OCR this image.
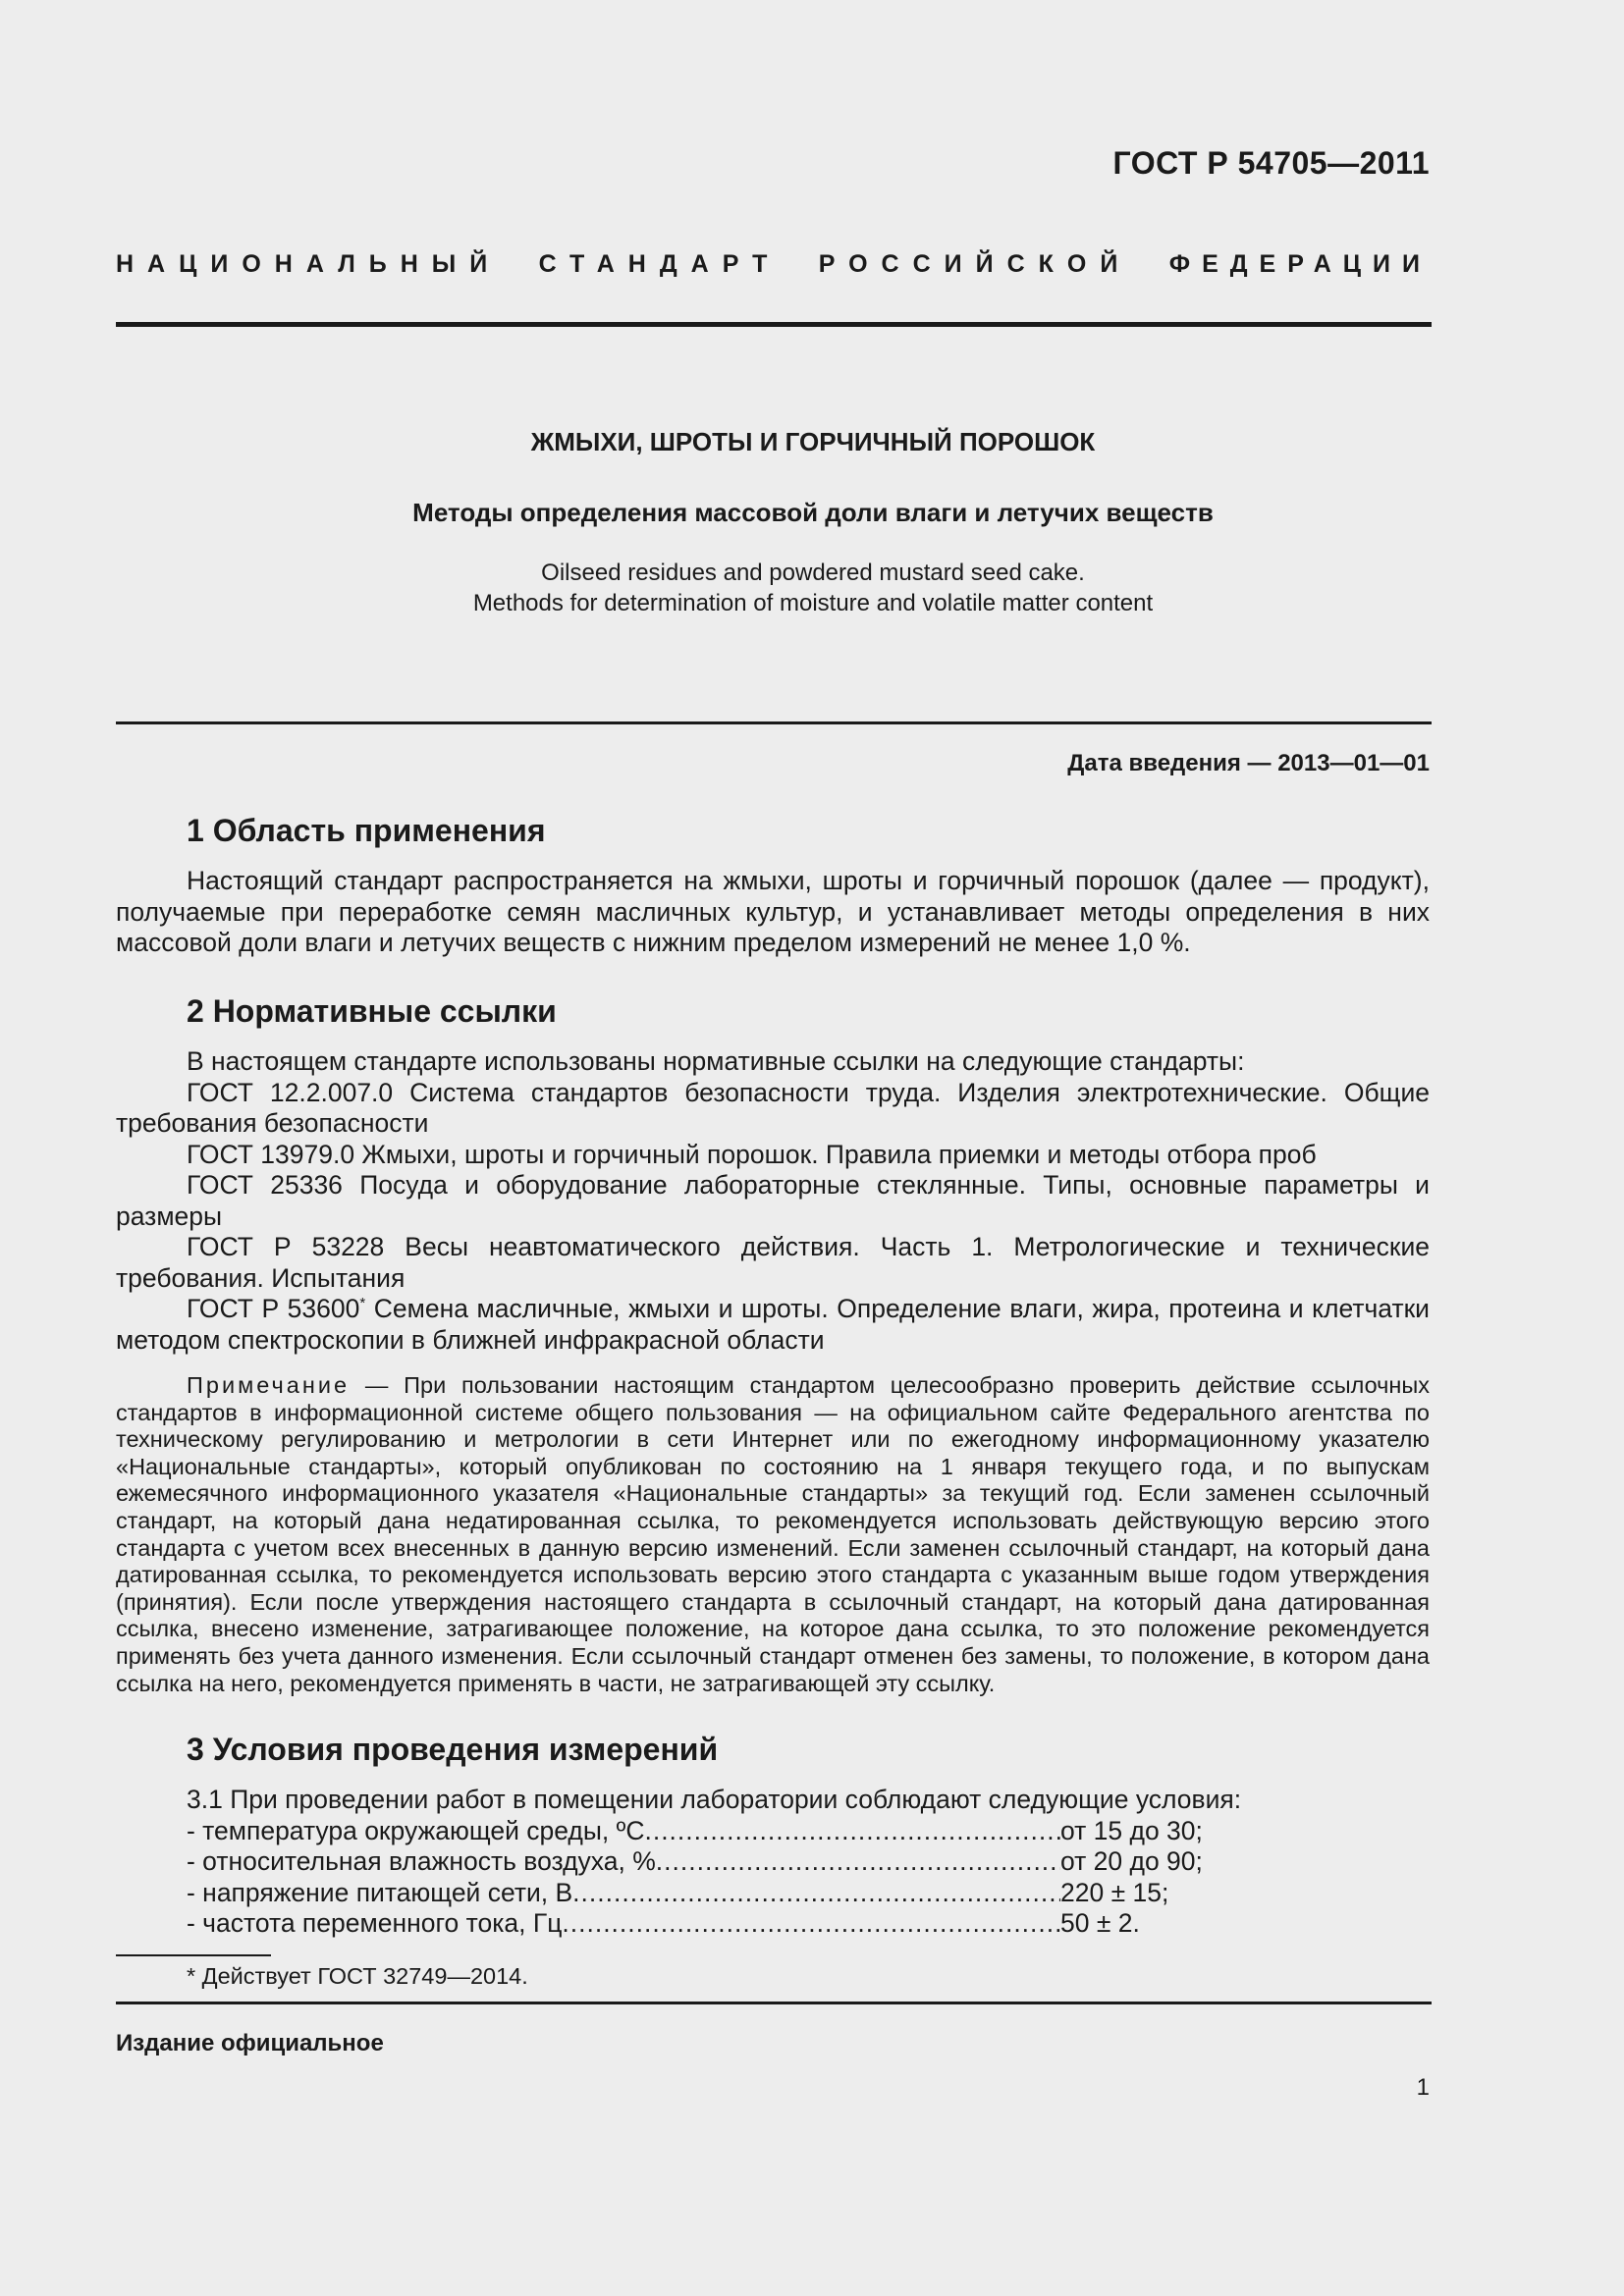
ГОСТ Р 54705—2011
НАЦИОНАЛЬНЫЙ СТАНДАРТ РОССИЙСКОЙ ФЕДЕРАЦИИ
ЖМЫХИ, ШРОТЫ И ГОРЧИЧНЫЙ ПОРОШОК
Методы определения массовой доли влаги и летучих веществ
Oilseed residues and powdered mustard seed cake.
Methods for determination of moisture and volatile matter content
Дата введения — 2013—01—01
1 Область применения

Настоящий стандарт распространяется на жмыхи, шроты и горчичный порошок (далее — продукт), получаемые при переработке семян масличных культур, и устанавливает методы определения в них массовой доли влаги и летучих веществ с нижним пределом измерений не менее 1,0 %.

2 Нормативные ссылки

В настоящем стандарте использованы нормативные ссылки на следующие стандарты:

ГОСТ 12.2.007.0 Система стандартов безопасности труда. Изделия электротехнические. Общие требования безопасности

ГОСТ 13979.0 Жмыхи, шроты и горчичный порошок. Правила приемки и методы отбора проб

ГОСТ 25336 Посуда и оборудование лабораторные стеклянные. Типы, основные параметры и размеры

ГОСТ Р 53228 Весы неавтоматического действия. Часть 1. Метрологические и технические требования. Испытания

ГОСТ Р 53600* Семена масличные, жмыхи и шроты. Определение влаги, жира, протеина и клетчатки методом спектроскопии в ближней инфракрасной области

Примечание — При пользовании настоящим стандартом целесообразно проверить действие ссылочных стандартов в информационной системе общего пользования — на официальном сайте Федерального агентства по техническому регулированию и метрологии в сети Интернет или по ежегодному информационному указателю «Национальные стандарты», который опубликован по состоянию на 1 января текущего года, и по выпускам ежемесячного информационного указателя «Национальные стандарты» за текущий год. Если заменен ссылочный стандарт, на который дана недатированная ссылка, то рекомендуется использовать действующую версию этого стандарта с учетом всех внесенных в данную версию изменений. Если заменен ссылочный стандарт, на который дана датированная ссылка, то рекомендуется использовать версию этого стандарта с указанным выше годом утверждения (принятия). Если после утверждения настоящего стандарта в ссылочный стандарт, на который дана датированная ссылка, внесено изменение, затрагивающее положение, на которое дана ссылка, то это положение рекомендуется применять без учета данного изменения. Если ссылочный стандарт отменен без замены, то положение, в котором дана ссылка на него, рекомендуется применять в части, не затрагивающей эту ссылку.

3 Условия проведения измерений
3.1 При проведении работ в помещении лаборатории соблюдают следующие условия:
- температура окружающей среды, ºС .....	от 15 до 30;
- относительная влажность воздуха, % .....	от 20 до 90;
- напряжение питающей сети, В .....	220 ± 15;
- частота переменного тока, Гц .....	50 ± 2.
* Действует ГОСТ 32749—2014.
Издание официальное
1
